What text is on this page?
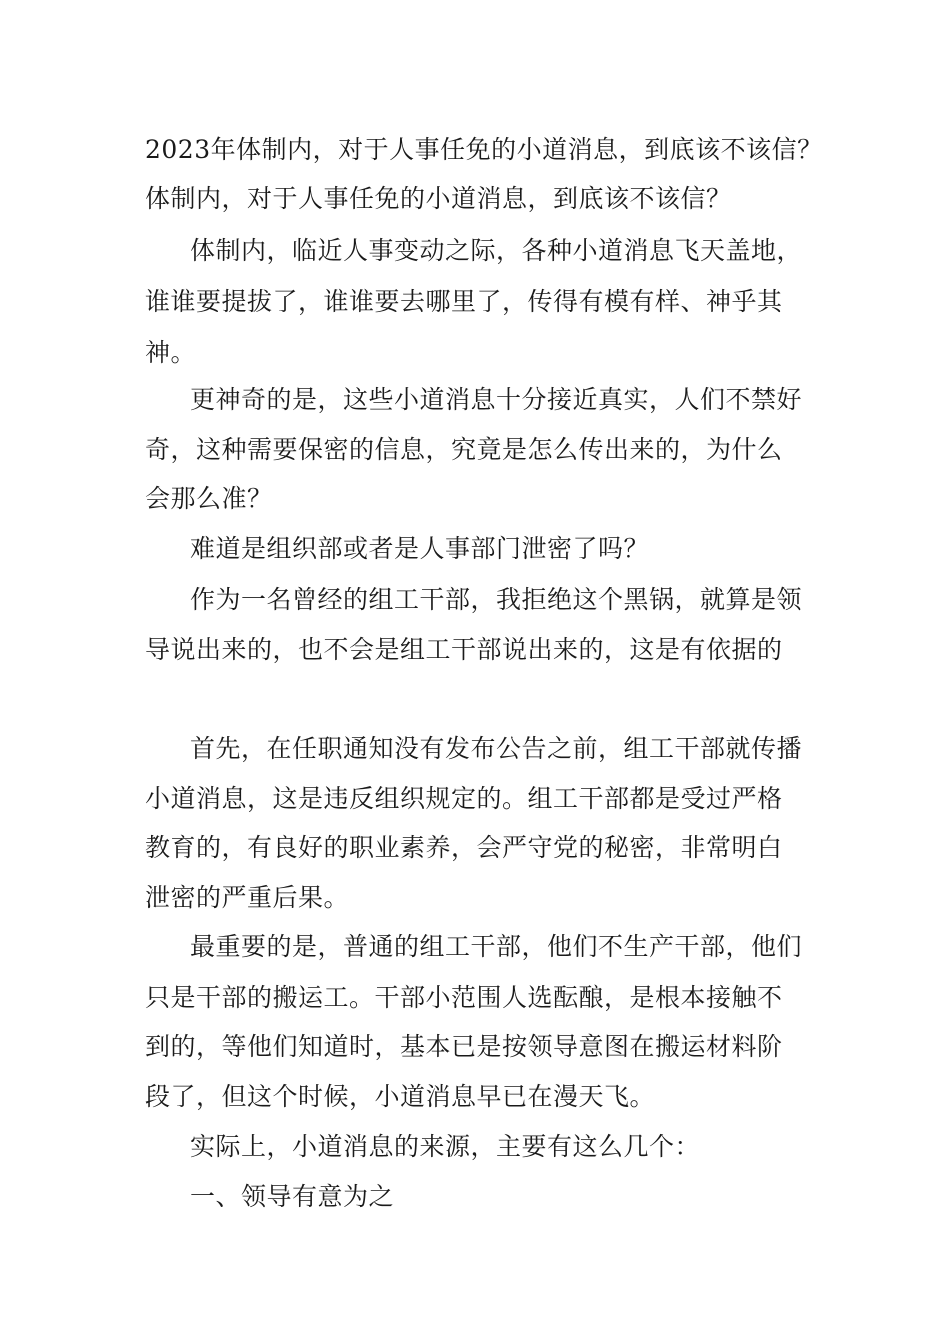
2023年体制内，对于人事任免的小道消息，到底该不该信？

体制内，对于人事任免的小道消息，到底该不该信？

体制内，临近人事变动之际，各种小道消息飞天盖地，

谁谁要提拔了，谁谁要去哪里了，传得有模有样、神乎其

神。

更神奇的是，这些小道消息十分接近真实，人们不禁好

奇，这种需要保密的信息，究竟是怎么传出来的，为什么

会那么准？

难道是组织部或者是人事部门泄密了吗？

作为一名曾经的组工干部，我拒绝这个黑锅，就算是领

导说出来的，也不会是组工干部说出来的，这是有依据的

首先，在任职通知没有发布公告之前，组工干部就传播

小道消息，这是违反组织规定的。组工干部都是受过严格

教育的，有良好的职业素养，会严守党的秘密，非常明白

泄密的严重后果。

最重要的是，普通的组工干部，他们不生产干部，他们

只是干部的搬运工。干部小范围人选酝酿，是根本接触不

到的，等他们知道时，基本已是按领导意图在搬运材料阶

段了，但这个时候，小道消息早已在漫天飞。

实际上，小道消息的来源，主要有这么几个：

一、领导有意为之
